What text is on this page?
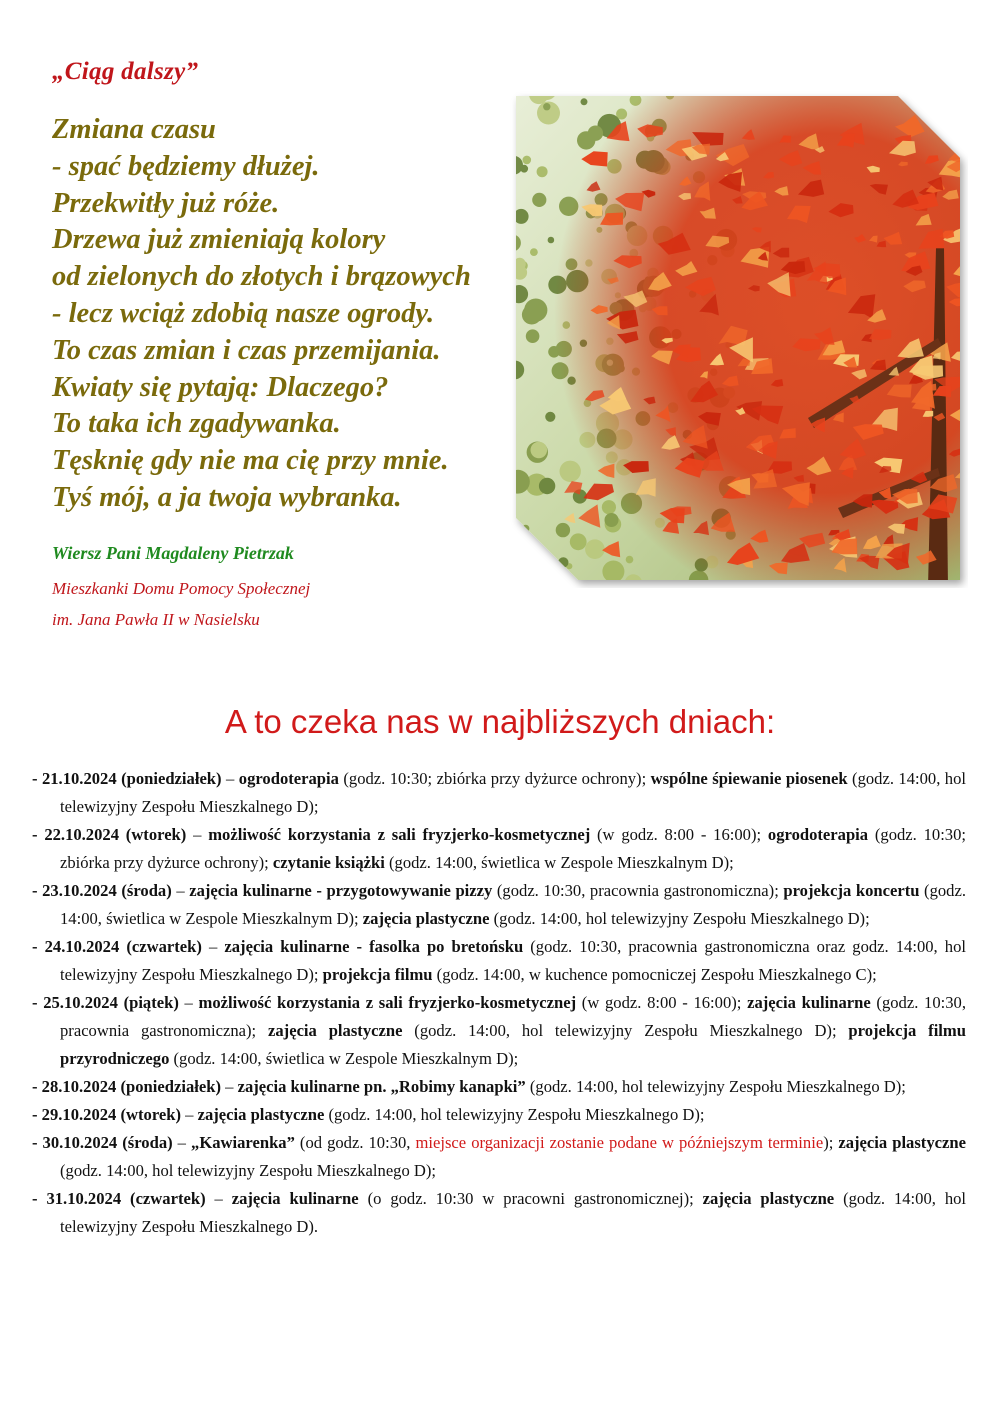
„Ciąg dalszy”
Zmiana czasu
- spać będziemy dłużej.
Przekwitły już róże.
Drzewa już zmieniają kolory
od zielonych do złotych i brązowych
- lecz wciąż zdobią nasze ogrody.
To czas zmian i czas przemijania.
Kwiaty się pytają: Dlaczego?
To taka ich zgadywanka.
Tęsknię gdy nie ma cię przy mnie.
Tyś mój, a ja twoja wybranka.

Wiersz Pani Magdaleny Pietrzak

Mieszkanki Domu Pomocy Społecznej

im. Jana Pawła II w Nasielsku

A to czeka nas w najbliższych dniach:
- 21.10.2024 (poniedziałek) – ogrodoterapia (godz. 10:30; zbiórka przy dyżurce ochrony); wspólne śpiewanie piosenek (godz. 14:00, hol telewizyjny Zespołu Mieszkalnego D);
- 22.10.2024 (wtorek) – możliwość korzystania z sali fryzjerko-kosmetycznej (w godz. 8:00 - 16:00); ogrodoterapia (godz. 10:30; zbiórka przy dyżurce ochrony); czytanie książki (godz. 14:00, świetlica w Zespole Mieszkalnym D);
- 23.10.2024 (środa) – zajęcia kulinarne - przygotowywanie pizzy (godz. 10:30, pracownia gastronomiczna); projekcja koncertu (godz. 14:00, świetlica w Zespole Mieszkalnym D); zajęcia plastyczne (godz. 14:00, hol telewizyjny Zespołu Mieszkalnego D);
- 24.10.2024 (czwartek) – zajęcia kulinarne - fasolka po bretońsku (godz. 10:30, pracownia gastronomiczna oraz godz. 14:00, hol telewizyjny Zespołu Mieszkalnego D); projekcja filmu (godz. 14:00, w kuchence pomocniczej Zespołu Mieszkalnego C);
- 25.10.2024 (piątek) – możliwość korzystania z sali fryzjerko-kosmetycznej (w godz. 8:00 - 16:00); zajęcia kulinarne (godz. 10:30, pracownia gastronomiczna); zajęcia plastyczne (godz. 14:00, hol telewizyjny Zespołu Mieszkalnego D); projekcja filmu przyrodniczego (godz. 14:00, świetlica w Zespole Mieszkalnym D);
- 28.10.2024 (poniedziałek) – zajęcia kulinarne pn. „Robimy kanapki” (godz. 14:00, hol telewizyjny Zespołu Mieszkalnego D);
- 29.10.2024 (wtorek) – zajęcia plastyczne (godz. 14:00, hol telewizyjny Zespołu Mieszkalnego D);
- 30.10.2024 (środa) – „Kawiarenka” (od godz. 10:30, miejsce organizacji zostanie podane w późniejszym terminie); zajęcia plastyczne (godz. 14:00, hol telewizyjny Zespołu Mieszkalnego D);
- 31.10.2024 (czwartek) – zajęcia kulinarne (o godz. 10:30 w pracowni gastronomicznej); zajęcia plastyczne (godz. 14:00, hol telewizyjny Zespołu Mieszkalnego D).
